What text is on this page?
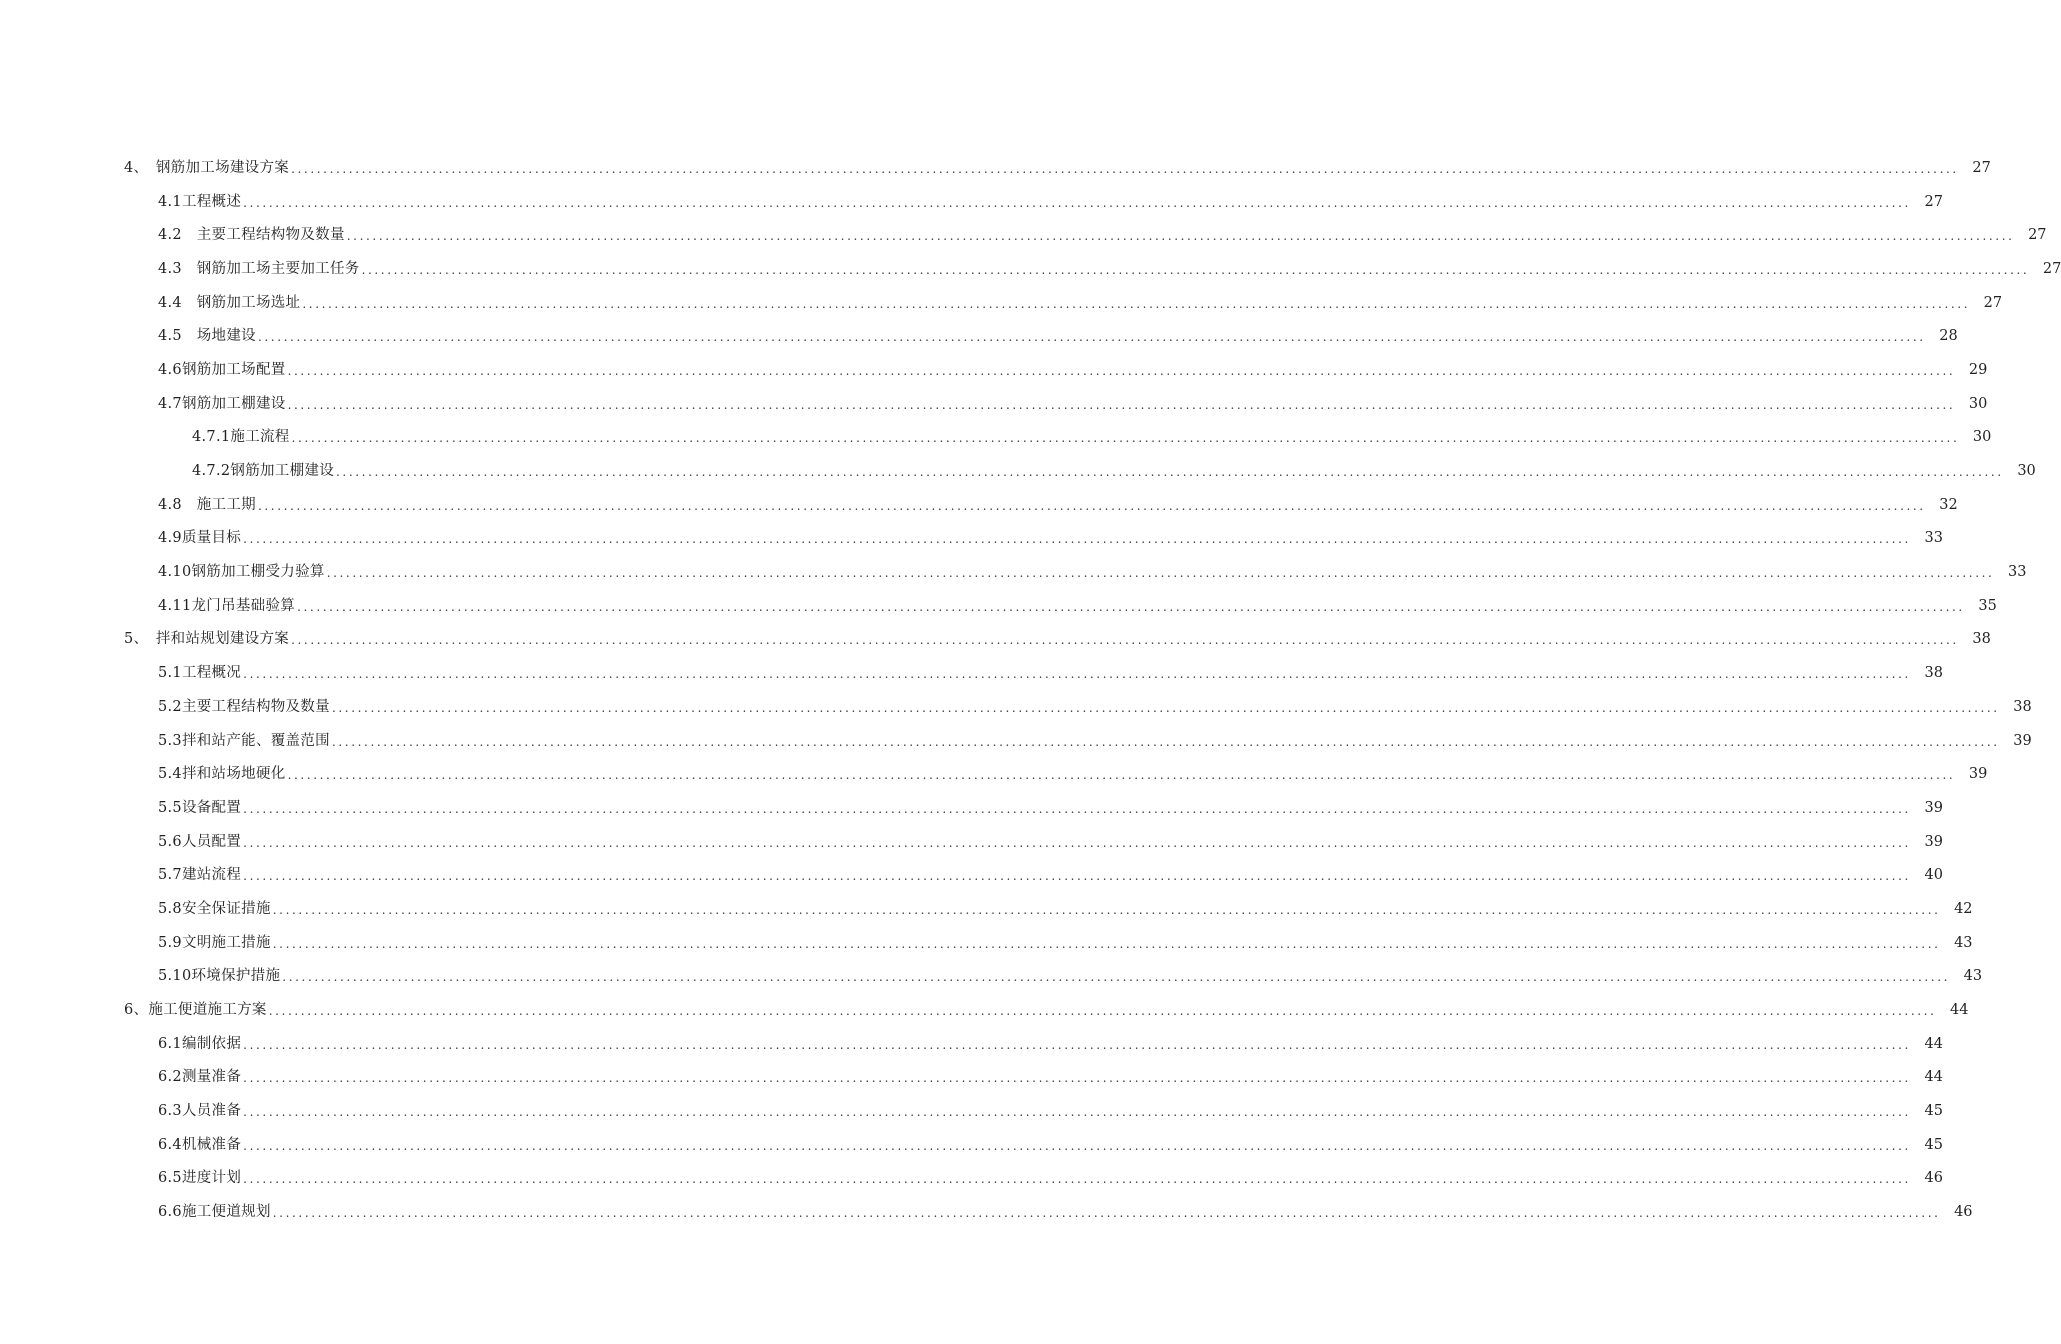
4、　钢筋加工场建设方案 .................................................................................................................................................................................................................................................................... 27
4.1工程概述 .................................................................................................................................................................................................................................................................... 27
4.2　主要工程结构物及数量 .................................................................................................................................................................................................................................................................... 27
4.3　钢筋加工场主要加工任务 .................................................................................................................................................................................................................................................................... 27
4.4　钢筋加工场选址 .................................................................................................................................................................................................................................................................... 27
4.5　场地建设 .................................................................................................................................................................................................................................................................... 28
4.6钢筋加工场配置 .................................................................................................................................................................................................................................................................... 29
4.7钢筋加工棚建设 .................................................................................................................................................................................................................................................................... 30
4.7.1施工流程 .................................................................................................................................................................................................................................................................... 30
4.7.2钢筋加工棚建设 .................................................................................................................................................................................................................................................................... 30
4.8　施工工期 .................................................................................................................................................................................................................................................................... 32
4.9质量目标 .................................................................................................................................................................................................................................................................... 33
4.10钢筋加工棚受力验算 .................................................................................................................................................................................................................................................................... 33
4.11龙门吊基础验算 .................................................................................................................................................................................................................................................................... 35
5、　拌和站规划建设方案 .................................................................................................................................................................................................................................................................... 38
5.1工程概况 .................................................................................................................................................................................................................................................................... 38
5.2主要工程结构物及数量 .................................................................................................................................................................................................................................................................... 38
5.3拌和站产能、覆盖范围 .................................................................................................................................................................................................................................................................... 39
5.4拌和站场地硬化 .................................................................................................................................................................................................................................................................... 39
5.5设备配置 .................................................................................................................................................................................................................................................................... 39
5.6人员配置 .................................................................................................................................................................................................................................................................... 39
5.7建站流程 .................................................................................................................................................................................................................................................................... 40
5.8安全保证措施 .................................................................................................................................................................................................................................................................... 42
5.9文明施工措施 .................................................................................................................................................................................................................................................................... 43
5.10环境保护措施 .................................................................................................................................................................................................................................................................... 43
6、施工便道施工方案 .................................................................................................................................................................................................................................................................... 44
6.1编制依据 .................................................................................................................................................................................................................................................................... 44
6.2测量准备 .................................................................................................................................................................................................................................................................... 44
6.3人员准备 .................................................................................................................................................................................................................................................................... 45
6.4机械准备 .................................................................................................................................................................................................................................................................... 45
6.5进度计划 .................................................................................................................................................................................................................................................................... 46
6.6施工便道规划 .................................................................................................................................................................................................................................................................... 46
